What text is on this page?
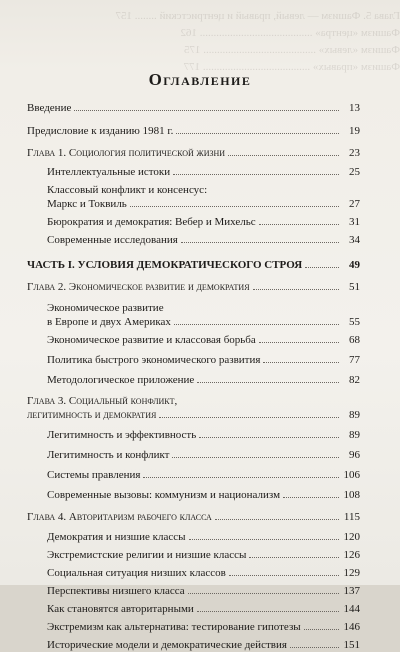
Глава 5. Фашизм — левый, правый и центристский ........ 157
Фашизм «центра» ......................................... 162
Фашизм «левых» ......................................... 175
Фашизм «правых» ....................................... 177
Оглавление
Введение	13
Предисловие к изданию 1981 г.	19
Глава 1. Социология политической жизни	23
Интеллектуальные истоки	25
Классовый конфликт и консенсус:
Маркс и Токвиль	27
Бюрократия и демократия: Вебер и Михельс	31
Современные исследования	34
ЧАСТЬ I. УСЛОВИЯ ДЕМОКРАТИЧЕСКОГО СТРОЯ	49
Глава 2. Экономическое развитие и демократия	51
Экономическое развитие
в Европе и двух Америках	55
Экономическое развитие и классовая борьба	68
Политика быстрого экономического развития	77
Методологическое приложение	82
Глава 3. Социальный конфликт,
легитимность и демократия	89
Легитимность и эффективность	89
Легитимность и конфликт	96
Системы правления	106
Современные вызовы: коммунизм и национализм	108
Глава 4. Авторитаризм рабочего класса	115
Демократия и низшие классы	120
Экстремистские религии и низшие классы	126
Социальная ситуация низших классов	129
Перспективы низшего класса	137
Как становятся авторитарными	144
Экстремизм как альтернатива: тестирование гипотезы	146
Исторические модели и демократические действия	151
